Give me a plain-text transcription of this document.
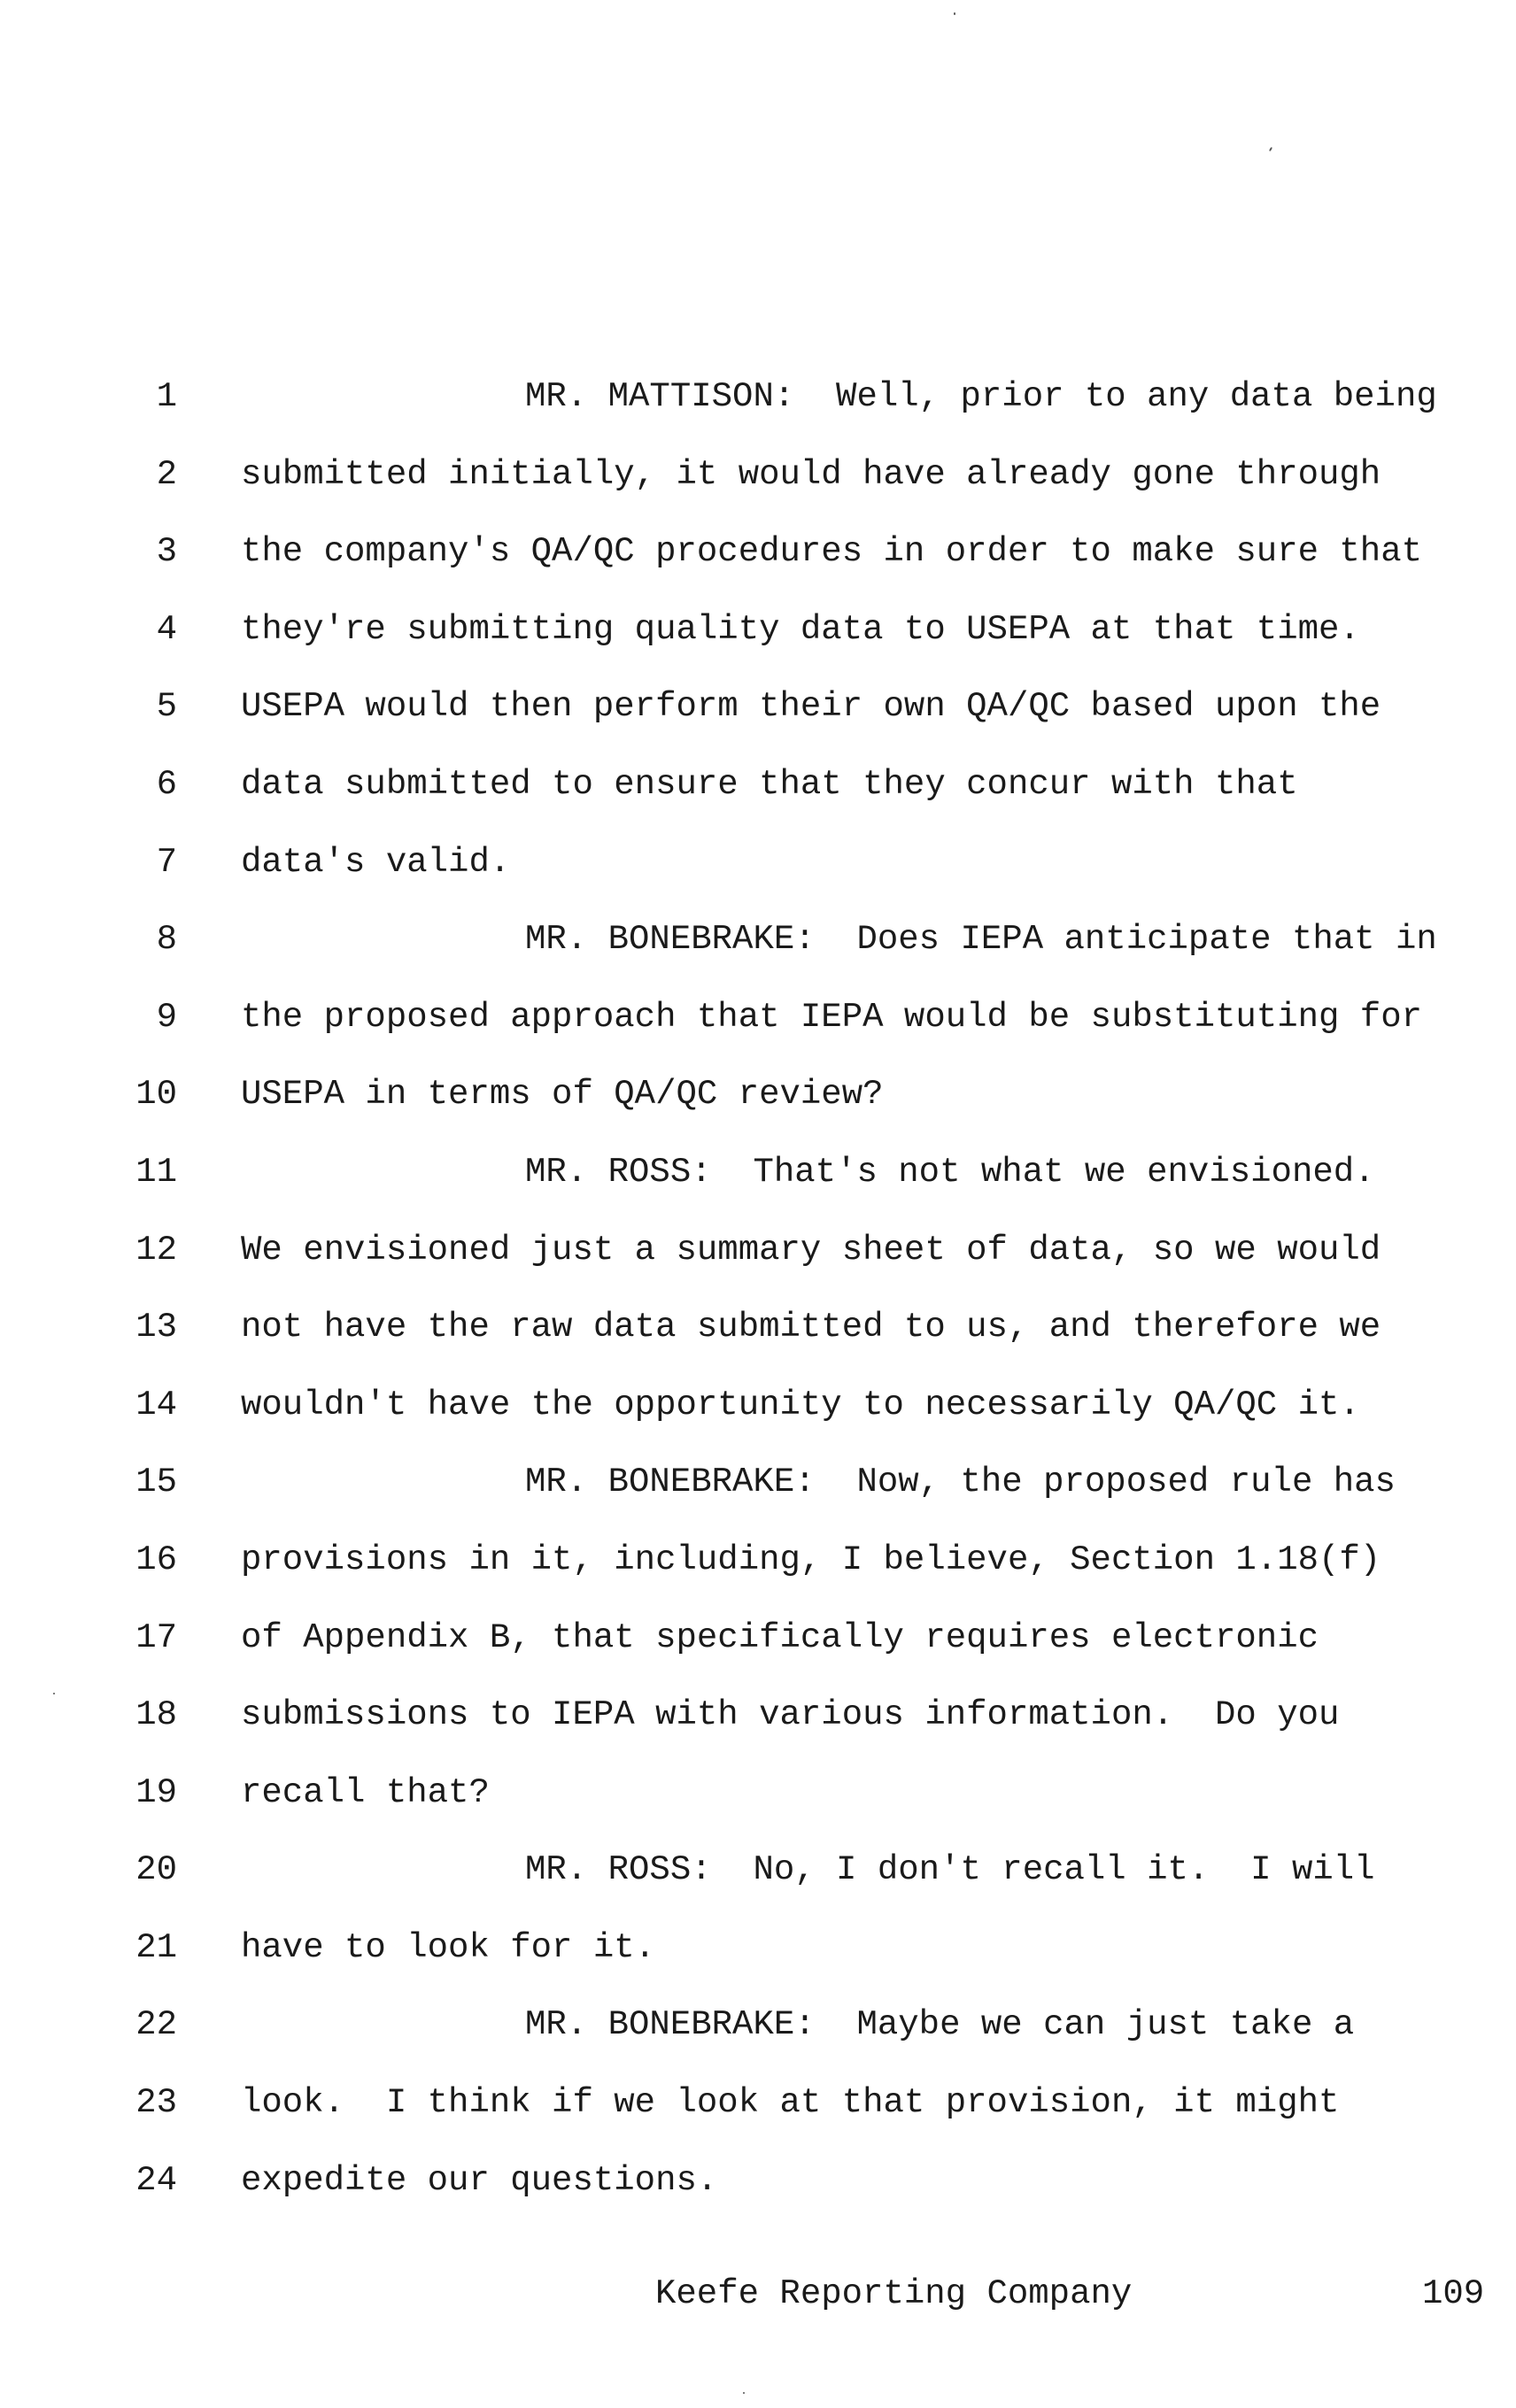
1	MR. MATTISON:  Well, prior to any data being
2 submitted initially, it would have already gone through
3 the company's QA/QC procedures in order to make sure that
4 they're submitting quality data to USEPA at that time.
5 USEPA would then perform their own QA/QC based upon the
6 data submitted to ensure that they concur with that
7 data's valid.
8	MR. BONEBRAKE:  Does IEPA anticipate that in
9 the proposed approach that IEPA would be substituting for
10 USEPA in terms of QA/QC review?
11	MR. ROSS:  That's not what we envisioned.
12 We envisioned just a summary sheet of data, so we would
13 not have the raw data submitted to us, and therefore we
14 wouldn't have the opportunity to necessarily QA/QC it.
15	MR. BONEBRAKE:  Now, the proposed rule has
16 provisions in it, including, I believe, Section 1.18(f)
17 of Appendix B, that specifically requires electronic
18 submissions to IEPA with various information.  Do you
19 recall that?
20	MR. ROSS:  No, I don't recall it.  I will
21 have to look for it.
22	MR. BONEBRAKE:  Maybe we can just take a
23 look.  I think if we look at that provision, it might
24 expedite our questions.
Keefe Reporting Company	109
